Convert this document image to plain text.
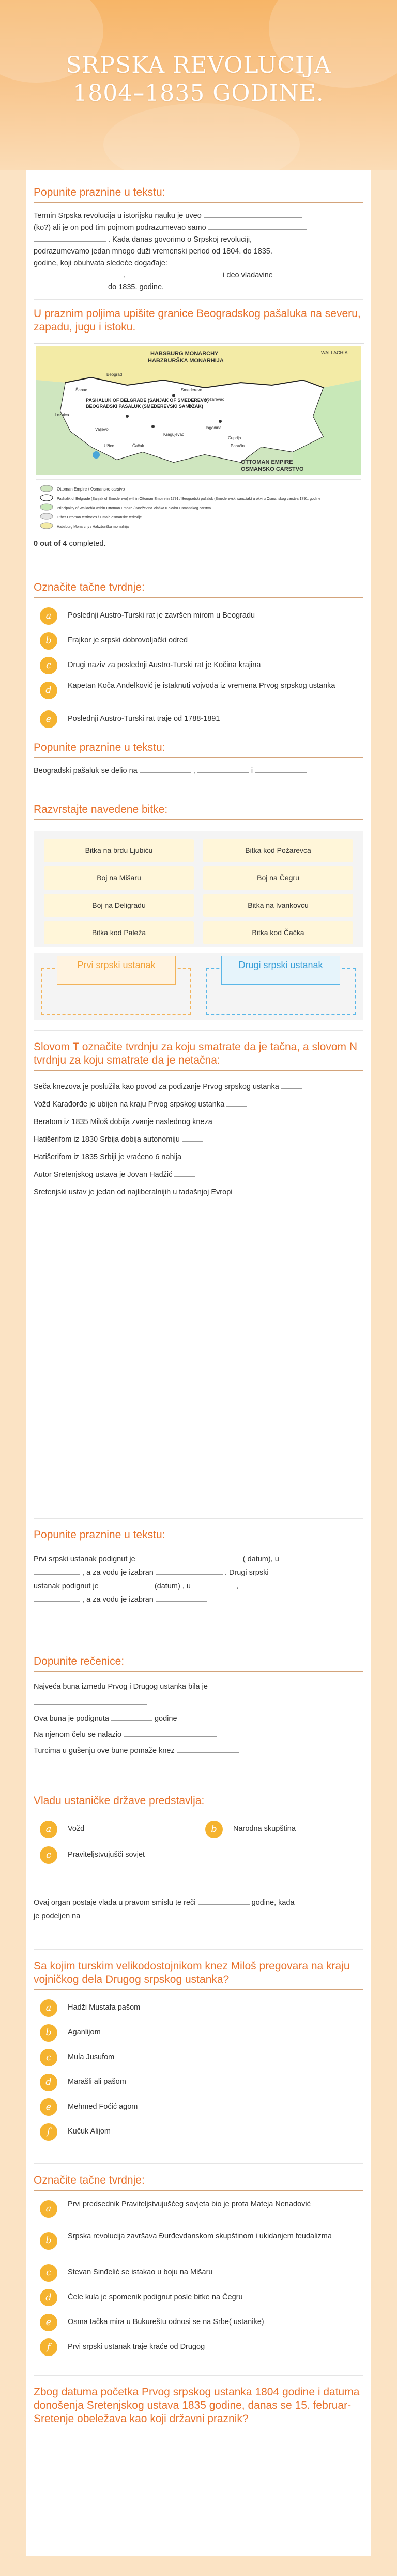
SRPSKA REVOLUCIJA
1804–1835 GODINE.
Popunite praznine u tekstu:
Termin Srpska revolucija u istorijsku nauku je uveo
(ko?) ali je on pod tim pojmom podrazumevao samo
. Kada danas govorimo o Srpskoj revoluciji,
podrazumevamo jedan mnogo duži vremenski period od 1804. do 1835.
godine, koji obuhvata sledeće događaje:
,	i deo vladavine
do 1835. godine.
U praznim poljima upišite granice Beogradskog pašaluka na severu, zapadu, jugu i istoku.
HABSBURG MONARCHY
HABZBURŠKA MONARHIJA
WALLACHIA
PASHALUK OF BELGRADE (SANJAK OF SMEDEREVO)
BEOGRADSKI PAŠALUK (SMEDEREVSKI SANDŽAK)
OTTOMAN EMPIRE
OSMANSKO CARSTVO
Beograd
Šabac
Valjevo
Smederevo
Požarevac
Jagodina
Kragujevac
Čačak
Užice
Ćuprija
Paraćin
Loznica
Ottoman Empire / Osmansko carstvo
Pashalik of Belgrade (Sanjak of Smederevo) within Ottoman Empire in 1791 / Beogradski pašaluk (Smederevski sandžak) u okviru Osmanskog carstva 1791. godine
Principality of Wallachia within Ottoman Empire / Kneževina Vlaška u okviru Osmanskog carstva
Other Ottoman territories / Ostale osmanske teritorije
Habsburg Monarchy / Habzburška monarhija
0 out of 4 completed.
Označite tačne tvrdnje:
a	Poslednji Austro-Turski rat je završen mirom u Beogradu
b	Frajkor je srpski dobrovoljački odred
c	Drugi naziv za poslednji Austro-Turski rat je Kočina krajina
d	Kapetan Koča Anđelković je istaknuti vojvoda iz vremena Prvog srpskog ustanka
e	Poslednji Austro-Turski rat traje od 1788-1891
Popunite praznine u tekstu:
Beogradski pašaluk se delio na	,	i
Razvrstajte navedene bitke:
Bitka na brdu Ljubiću	Bitka kod Požarevca
Boj na Mišaru	Boj na Čegru
Boj na Deligradu	Bitka na Ivankovcu
Bitka kod Paleža	Bitka kod Čačka
Prvi srpski ustanak	Drugi srpski ustanak
Slovom T označite tvrdnju za koju smatrate da je tačna, a slovom N tvrdnju za koju smatrate da je netačna:
Seča knezova je poslužila kao povod za podizanje Prvog srpskog ustanka
Vožd Karađorđe je ubijen na kraju Prvog srpskog ustanka
Beratom iz 1835 Miloš dobija zvanje naslednog kneza
Hatišerifom iz 1830 Srbija dobija autonomiju
Hatišerifom iz 1835 Srbiji je vraćeno 6 nahija
Autor Sretenjskog ustava je Jovan Hadžić
Sretenjski ustav je jedan od najliberalnijih u tadašnjoj Evropi
Popunite praznine u tekstu:
Prvi srpski ustanak podignut je	( datum), u
, a za vođu je izabran	. Drugi srpski
ustanak podignut je	(datum) , u	,
, a za vođu je izabran
Dopunite rečenice:
Najveća buna između Prvog i Drugog ustanka bila je
Ova buna je podignuta	godine
Na njenom čelu se nalazio
Turcima u gušenju ove bune pomaže knez
Vladu ustaničke države predstavlja:
a	Vožd	b	Narodna skupština
c	Praviteljstvujušči sovjet
Ovaj organ postaje vlada u pravom smislu te reči	godine, kada
je podeljen na
Sa kojim turskim velikodostojnikom knez Miloš pregovara na kraju vojničkog dela Drugog srpskog ustanka?
a	Hadži Mustafa pašom
b	Aganlijom
c	Mula Jusufom
d	Marašli ali pašom
e	Mehmed Foćić agom
f	Kučuk Alijom
Označite tačne tvrdnje:
a	Prvi predsednik Praviteljstvujuščeg sovjeta bio je prota Mateja Nenadović
b	Srpska revolucija završava Đurđevdanskom skupštinom i ukidanjem feudalizma
c	Stevan Sinđelić se istakao u boju na Mišaru
d	Ćele kula je spomenik podignut posle bitke na Čegru
e	Osma tačka mira u Bukureštu odnosi se na Srbe( ustanike)
f	Prvi srpski ustanak traje kraće od Drugog
Zbog datuma početka Prvog srpskog ustanka 1804 godine i datuma donošenja Sretenjskog ustava 1835 godine, danas se 15. februar-Sretenje obeležava kao koji državni praznik?
